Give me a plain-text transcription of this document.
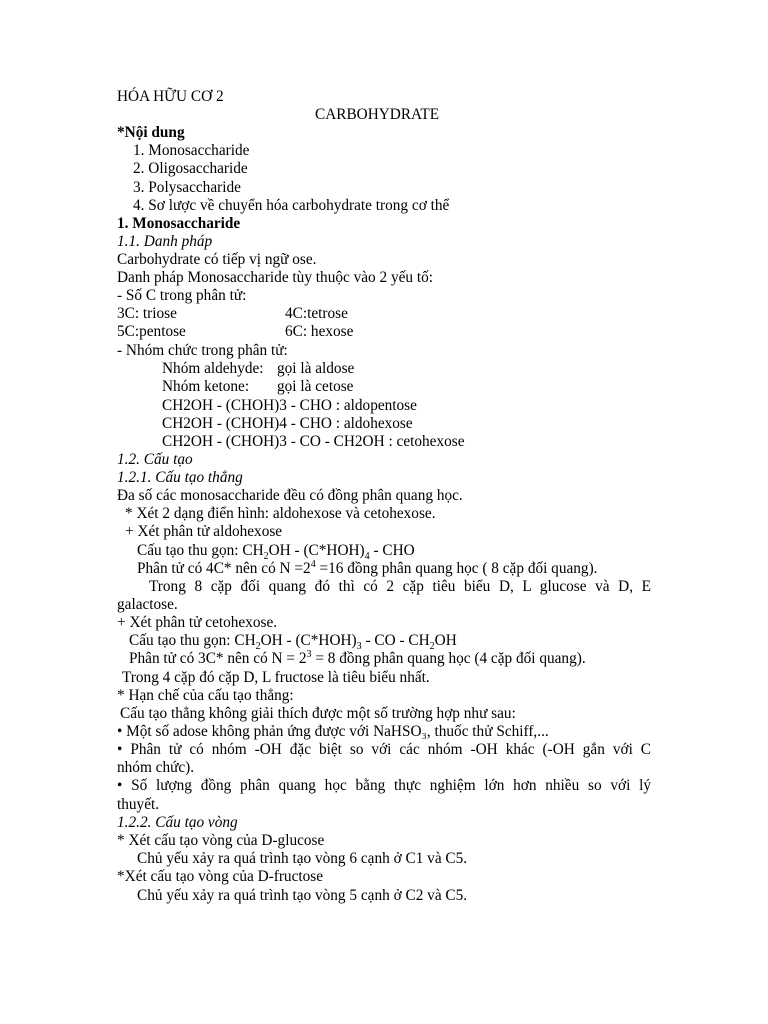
HÓA HỮU CƠ 2
CARBOHYDRATE
*Nội dung
1. Monosaccharide
2. Oligosaccharide
3. Polysaccharide
4. Sơ lược về chuyển hóa carbohydrate trong cơ thể
1. Monosaccharide
1.1. Danh pháp
Carbohydrate có tiếp vị ngữ ose.
Danh pháp Monosaccharide tùy thuộc vào 2 yếu tố:
- Số C trong phân tử:
3C: triose	4C:tetrose
5C:pentose	6C: hexose
- Nhóm chức trong phân tử:
Nhóm aldehyde: gọi là aldose
Nhóm ketone: gọi là cetose
CH2OH - (CHOH)3 - CHO : aldopentose
CH2OH - (CHOH)4 - CHO : aldohexose
CH2OH - (CHOH)3 - CO - CH2OH : cetohexose
1.2. Cấu tạo
1.2.1. Cấu tạo thẳng
Đa số các monosaccharide đều có đồng phân quang học.
* Xét 2 dạng điển hình: aldohexose và cetohexose.
+ Xét phân tử aldohexose
Cấu tạo thu gọn: $CH_2OH - (C*HOH)_4$ - CHO
Phân tử có 4C* nên có $N =2^4 =16$ đồng phân quang học ( 8 cặp đối quang).
Trong 8 cặp đối quang đó thì có 2 cặp tiêu biểu D, L glucose và D, E
galactose.
+ Xét phân tử cetohexose.
Cấu tạo thu gọn: $CH_2OH - (C*HOH)_3$ - CO - $CH_2OH$
Phân tử có 3C* nên có $N = 2^3 = 8$ đồng phân quang học (4 cặp đối quang).
Trong 4 cặp đó cặp D, L fructose là tiêu biểu nhất.
* Hạn chế của cấu tạo thẳng:
Cấu tạo thẳng không giải thích được một số trường hợp như sau:
• Một số adose không phản ứng được với NaHSO₃, thuốc thử Schiff,...
• Phân tử có nhóm -OH đặc biệt so với các nhóm -OH khác (-OH gắn với C
nhóm chức).
• Số lượng đồng phân quang học bằng thực nghiệm lớn hơn nhiều so với lý
thuyết.
1.2.2. Cấu tạo vòng
* Xét cấu tạo vòng của D-glucose
Chủ yếu xảy ra quá trình tạo vòng 6 cạnh ở C1 và C5.
*Xét cấu tạo vòng của D-fructose
Chủ yếu xảy ra quá trình tạo vòng 5 cạnh ở C2 và C5.
